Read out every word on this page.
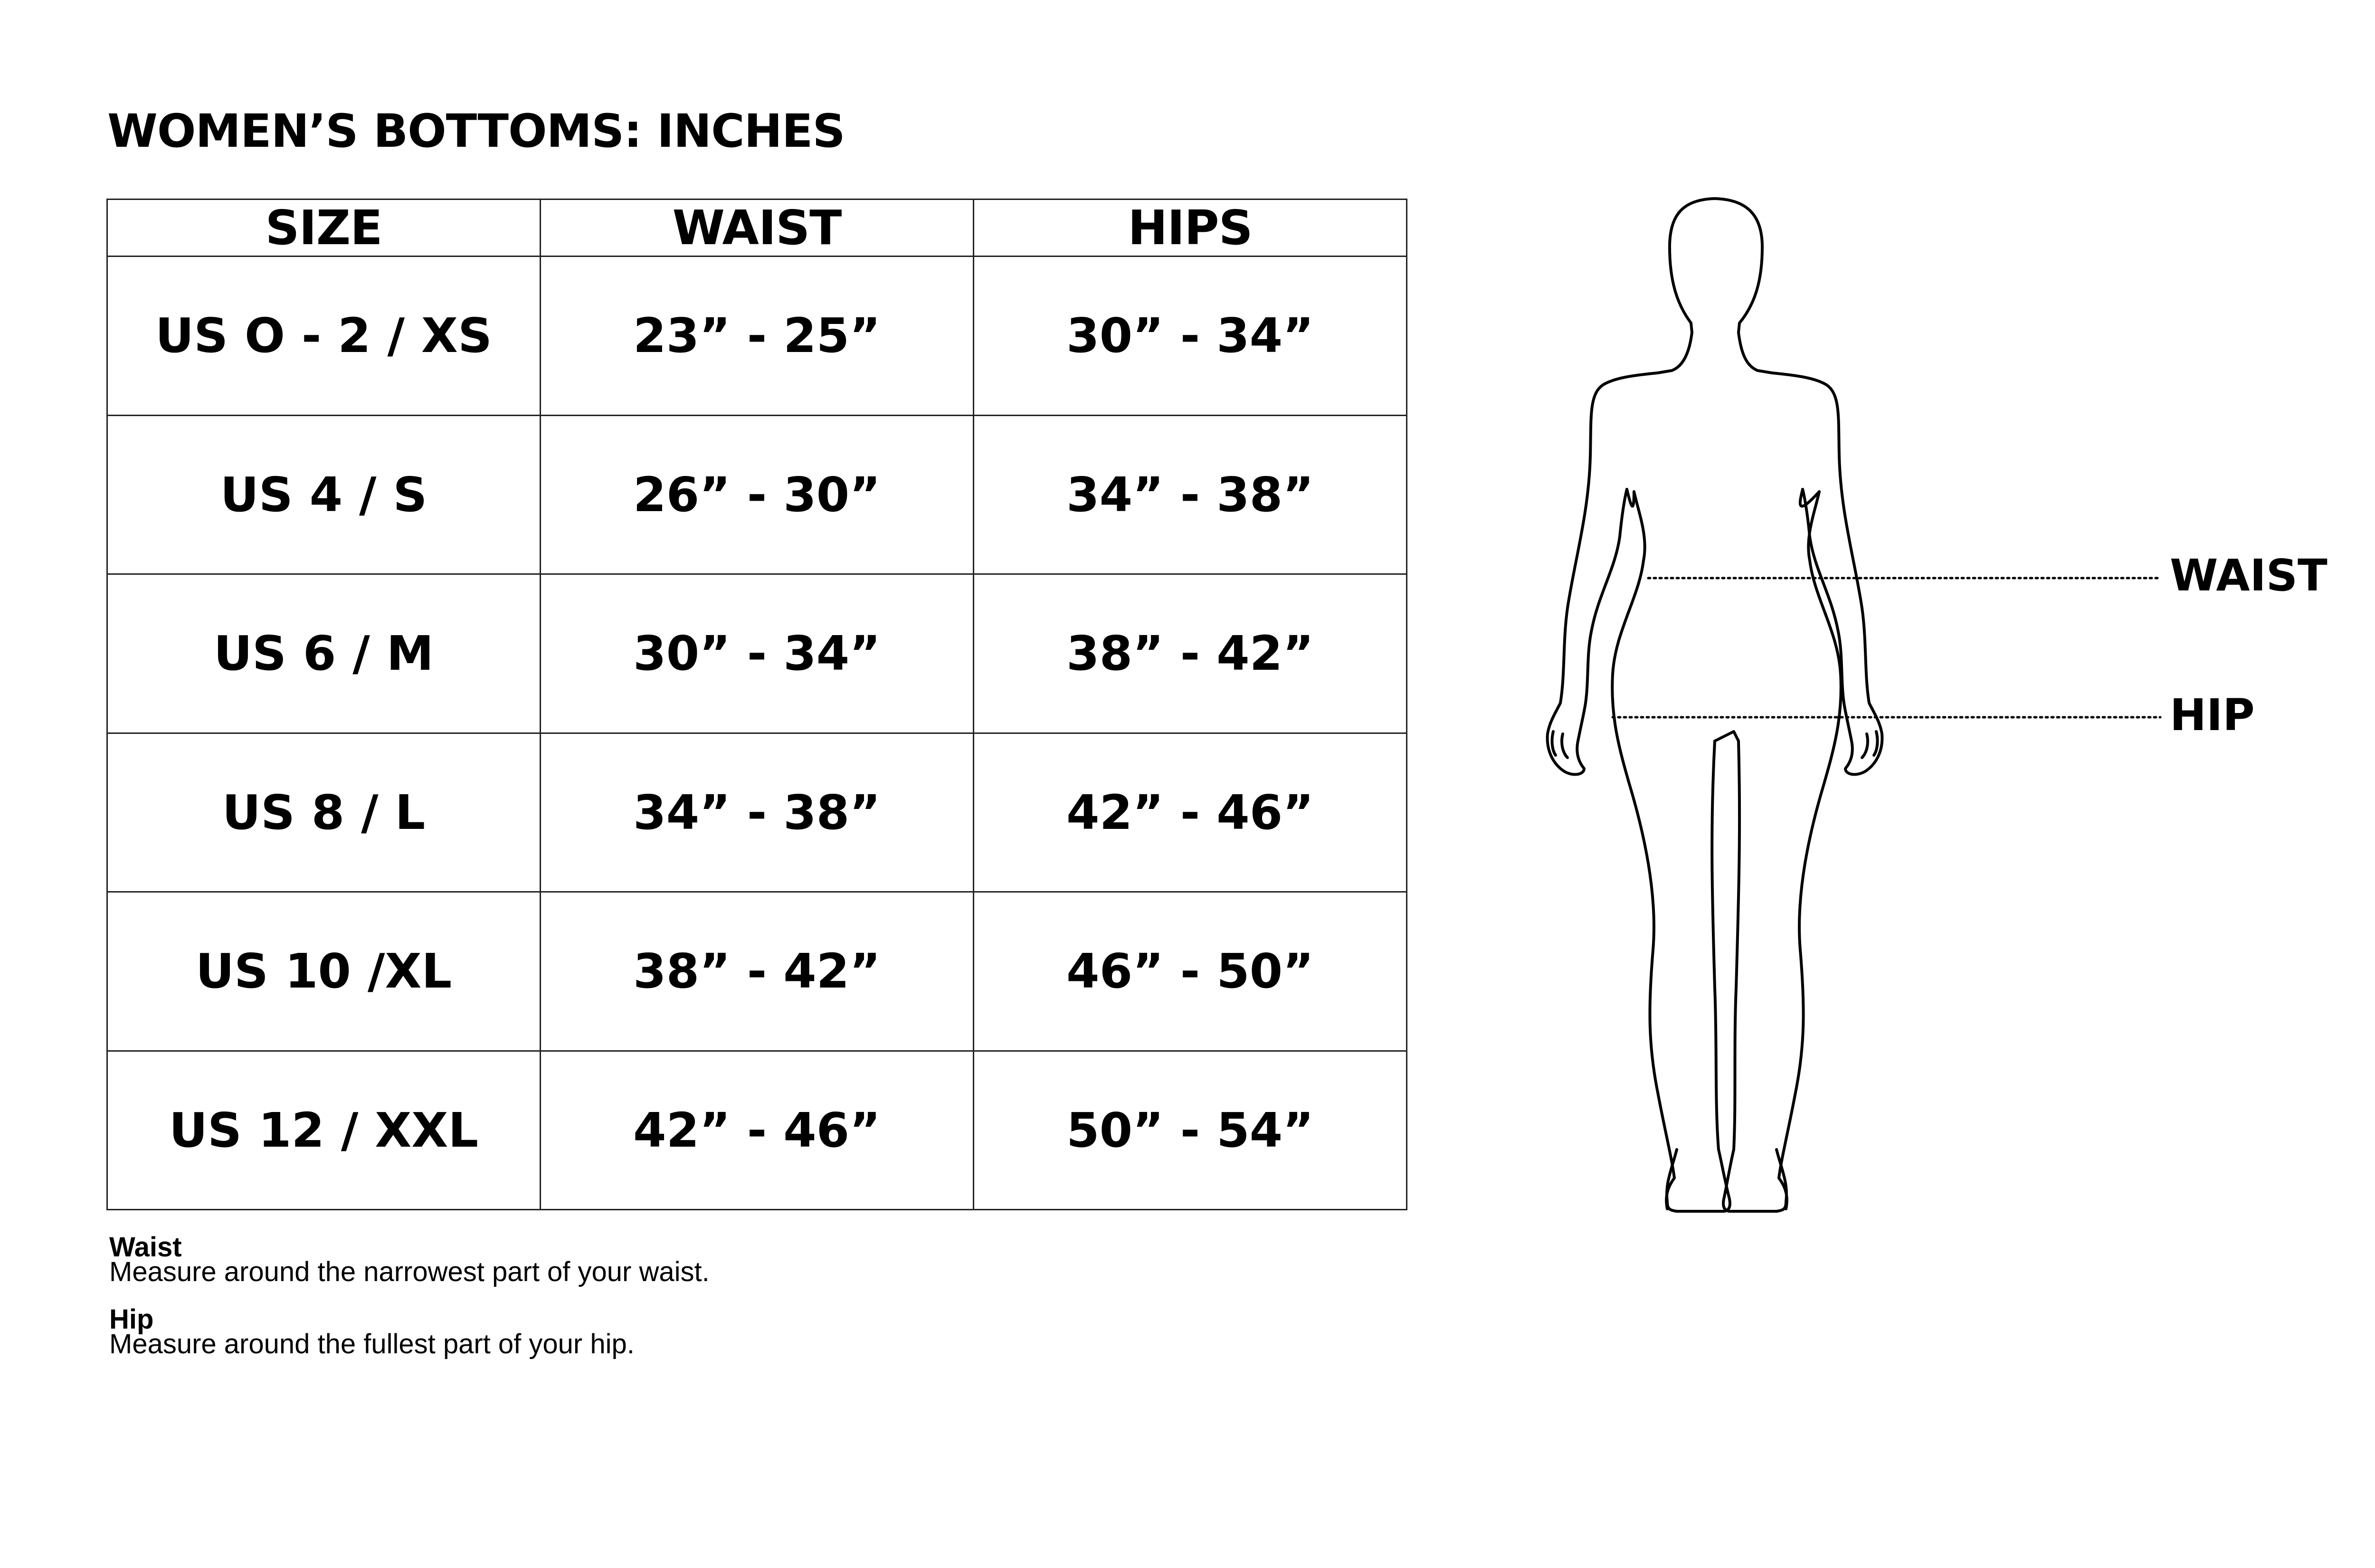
WOMEN’S BOTTOMS: INCHES
SIZE	WAIST	HIPS
US O - 2 / XS	23” - 25”	30” - 34”
US 4 / S	26” - 30”	34” - 38”
US 6 / M	30” - 34”	38” - 42”
US 8 / L	34” - 38”	42” - 46”
US 10 /XL	38” - 42”	46” - 50”
US 12 / XXL	42” - 46”	50” - 54”
Waist
Measure around the narrowest part of your waist.
Hip
Measure around the fullest part of your hip.
WAIST
HIP
